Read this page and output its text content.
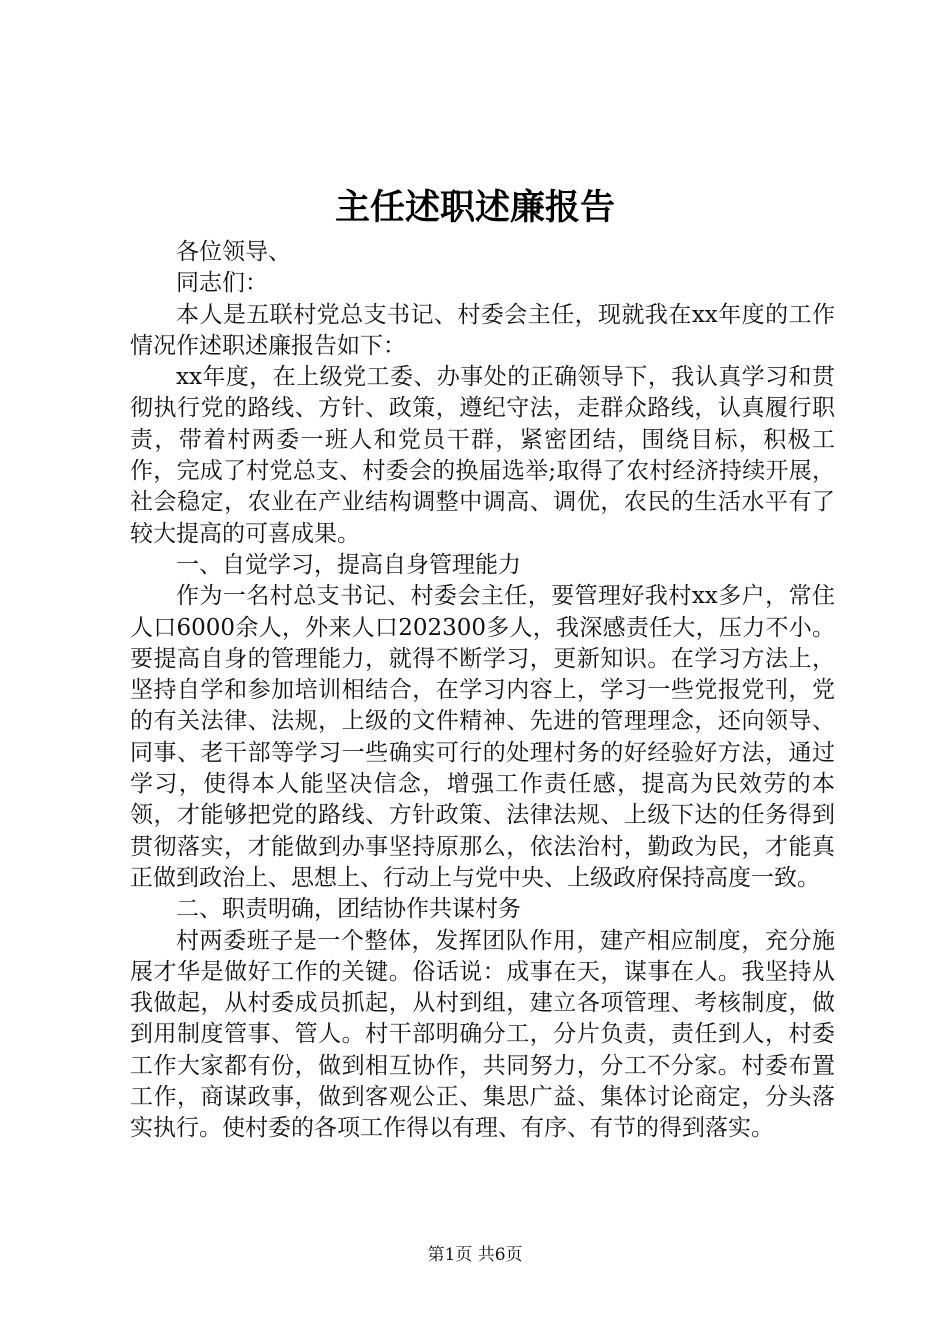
主任述职述廉报告

各位领导、

同志们：

本人是五联村党总支书记、村委会主任，现就我在xx年度的工作情况作述职述廉报告如下：

xx年度，在上级党工委、办事处的正确领导下，我认真学习和贯彻执行党的路线、方针、政策，遵纪守法，走群众路线，认真履行职责，带着村两委一班人和党员干群，紧密团结，围绕目标，积极工作，完成了村党总支、村委会的换届选举;取得了农村经济持续开展，社会稳定，农业在产业结构调整中调高、调优，农民的生活水平有了较大提高的可喜成果。

一、自觉学习，提高自身管理能力

作为一名村总支书记、村委会主任，要管理好我村xx多户，常住人口6000余人，外来人口202300多人，我深感责任大，压力不小。要提高自身的管理能力，就得不断学习，更新知识。在学习方法上，坚持自学和参加培训相结合，在学习内容上，学习一些党报党刊，党的有关法律、法规，上级的文件精神、先进的管理理念，还向领导、同事、老干部等学习一些确实可行的处理村务的好经验好方法，通过学习，使得本人能坚决信念，增强工作责任感，提高为民效劳的本领，才能够把党的路线、方针政策、法律法规、上级下达的任务得到贯彻落实，才能做到办事坚持原那么，依法治村，勤政为民，才能真正做到政治上、思想上、行动上与党中央、上级政府保持高度一致。

二、职责明确，团结协作共谋村务

村两委班子是一个整体，发挥团队作用，建产相应制度，充分施展才华是做好工作的关键。俗话说：成事在天，谋事在人。我坚持从我做起，从村委成员抓起，从村到组，建立各项管理、考核制度，做到用制度管事、管人。村干部明确分工，分片负责，责任到人，村委工作大家都有份，做到相互协作，共同努力，分工不分家。村委布置工作，商谋政事，做到客观公正、集思广益、集体讨论商定，分头落实执行。使村委的各项工作得以有理、有序、有节的得到落实。

第1页 共6页
